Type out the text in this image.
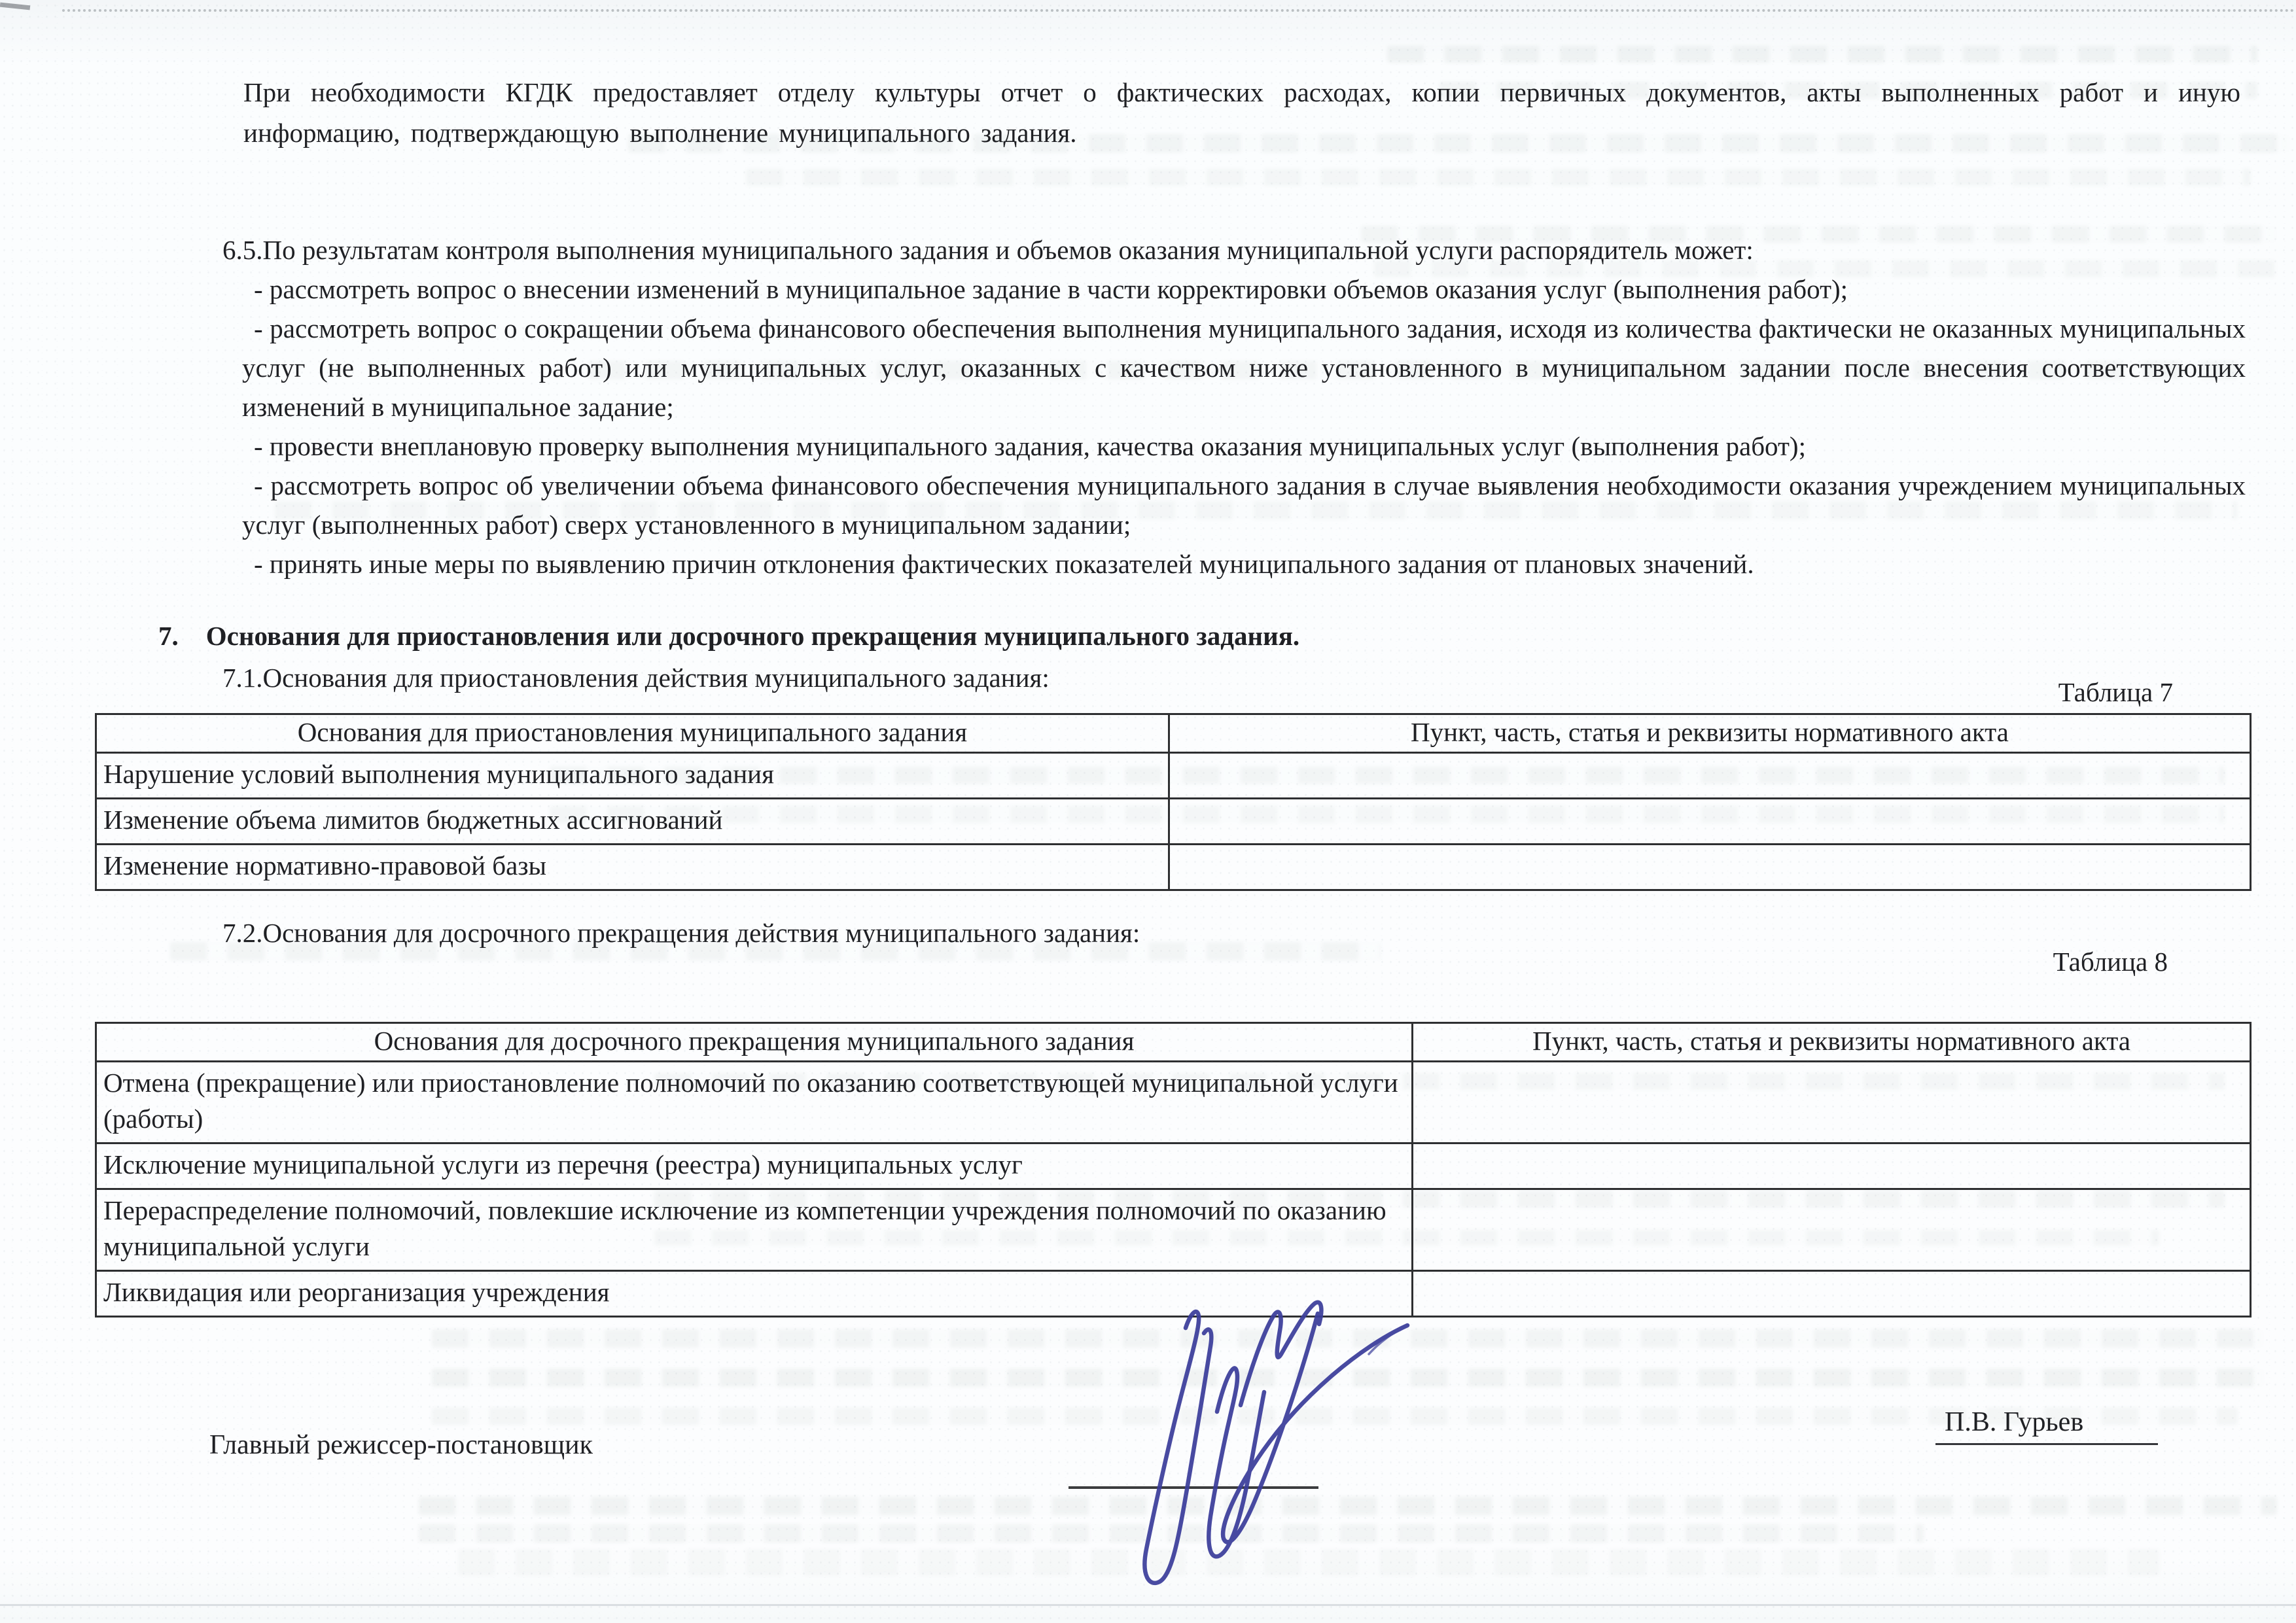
При необходимости КГДК предоставляет отделу культуры отчет о фактических расходах, копии первичных документов, акты выполненных работ и иную информацию, подтверждающую выполнение муниципального задания.

6.5.По результатам контроля выполнения муниципального задания и объемов оказания муниципальной услуги распорядитель может:

- рассмотреть вопрос о внесении изменений в муниципальное задание в части корректировки объемов оказания услуг (выполнения работ);

- рассмотреть вопрос о сокращении объема финансового обеспечения выполнения муниципального задания, исходя из количества фактически не оказанных муниципальных услуг (не выполненных работ) или муниципальных услуг, оказанных с качеством ниже установленного в муниципальном задании после внесения соответствующих изменений в муниципальное задание;

- провести внеплановую проверку выполнения муниципального задания, качества оказания муниципальных услуг (выполнения работ);

- рассмотреть вопрос об увеличении объема финансового обеспечения муниципального задания в случае выявления необходимости оказания учреждением муниципальных услуг (выполненных работ) сверх установленного в муниципальном задании;

- принять иные меры по выявлению причин отклонения фактических показателей муниципального задания от плановых значений.

7. Основания для приостановления или досрочного прекращения муниципального задания.
7.1.Основания для приостановления действия муниципального задания:	Таблица 7
Основания для приостановления муниципального задания	Пункт, часть, статья и реквизиты нормативного акта
Нарушение условий выполнения муниципального задания	
Изменение объема лимитов бюджетных ассигнований	
Изменение нормативно-правовой базы	
7.2.Основания для досрочного прекращения действия муниципального задания:
Таблица 8
Основания для досрочного прекращения муниципального задания	Пункт, часть, статья и реквизиты нормативного акта
Отмена (прекращение) или приостановление полномочий по оказанию соответствующей муниципальной услуги (работы)	
Исключение муниципальной услуги из перечня (реестра) муниципальных услуг	
Перераспределение полномочий, повлекшие исключение из компетенции учреждения полномочий по оказанию муниципальной услуги	
Ликвидация или реорганизация учреждения	
Главный режиссер-постановщик
П.В. Гурьев
